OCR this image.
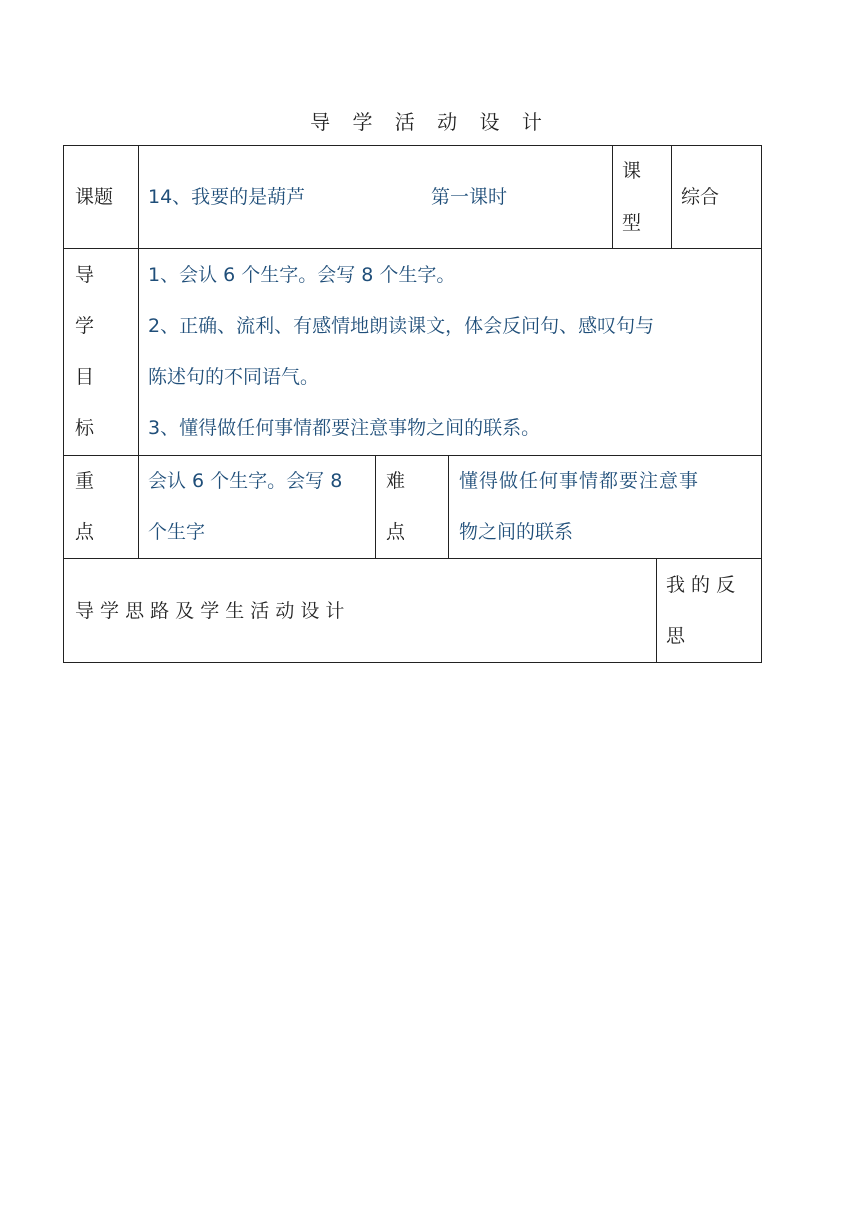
导 学 活 动 设 计
课题 14、我要的是葫芦	第一课时
课
型
综合
导
学
目
标
1、会认 6 个生字。会写 8 个生字。
2、正确、流利、有感情地朗读课文，体会反问句、感叹句与
陈述句的不同语气。
3、懂得做任何事情都要注意事物之间的联系。
重
点
会认 6 个生字。会写 8
个生字
难
点
懂得做任何事情都要注意事
物之间的联系
导 学 思 路 及 学 生 活 动 设 计
我 的 反
思
